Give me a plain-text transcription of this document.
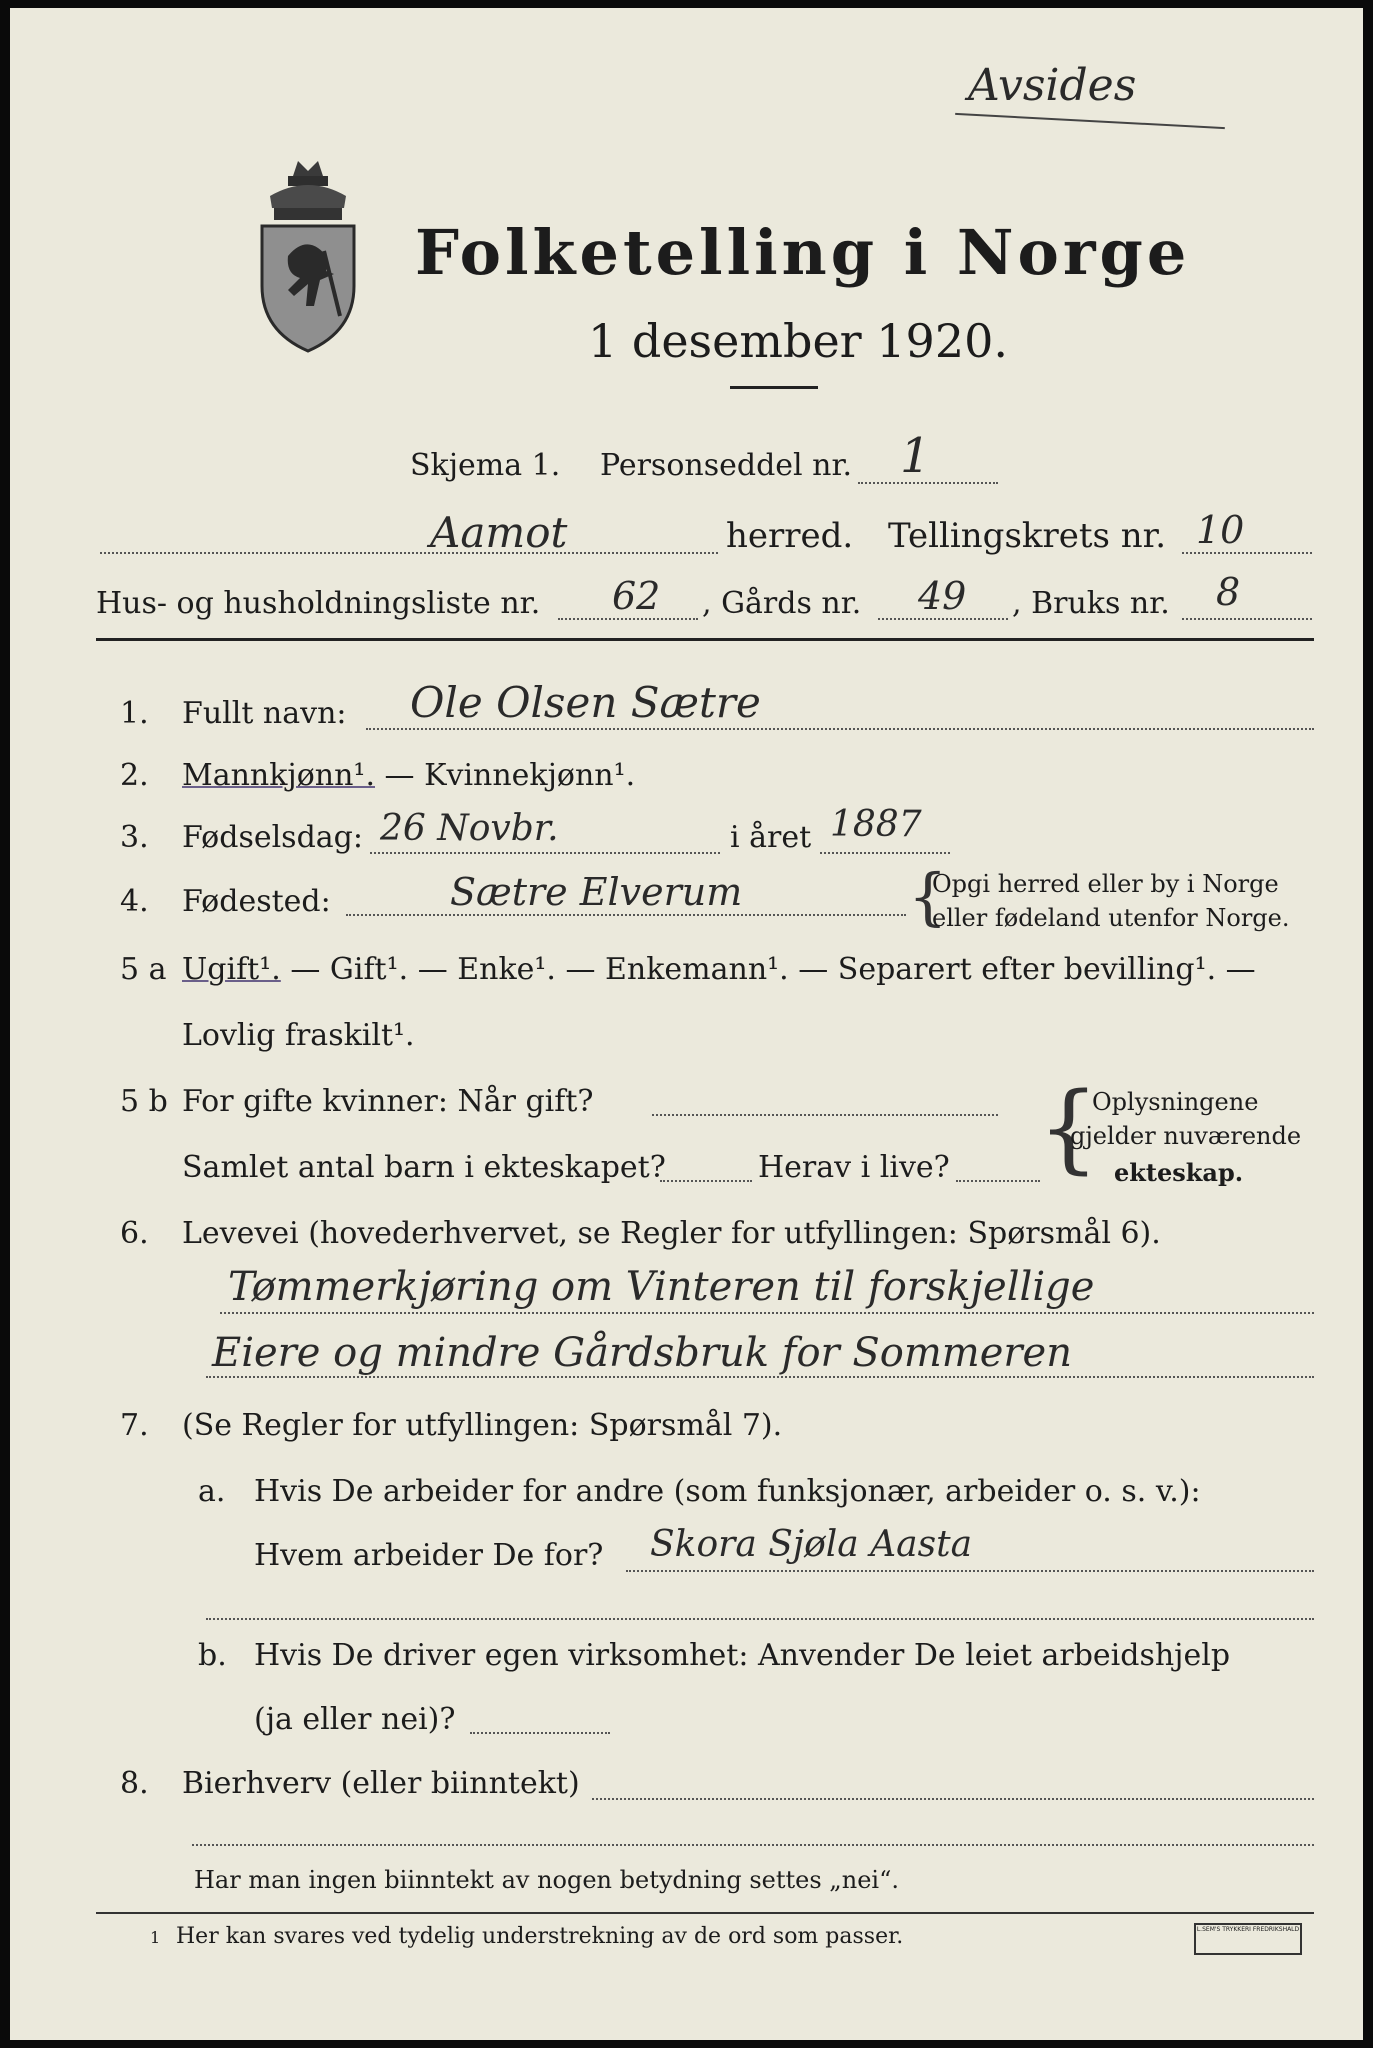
Avsides
Folketelling i Norge
1 desember 1920.
Skjema 1. Personseddel nr. 1
Aamot	herred. Tellingskrets nr. 10
Hus- og husholdningsliste nr. 62 , Gårds nr. 49 , Bruks nr. 8
1. Fullt navn: Ole Olsen Sætre
2. Mannkjønn¹. — Kvinnekjønn¹.
3. Fødselsdag: 26 Novbr.	i året 1887
4. Fødested:	Sætre Elverum	{
Opgi herred eller by i Norge
eller fødeland utenfor Norge.
5 a Ugift¹. — Gift¹. — Enke¹. — Enkemann¹. — Separert efter bevilling¹. —
Lovlig fraskilt¹.
5 b For gifte kvinner: Når gift?
Samlet antal barn i ekteskapet?	Herav i live? {
Oplysningene
gjelder nuværende
ekteskap.
6. Levevei (hovederhvervet, se Regler for utfyllingen: Spørsmål 6).
Tømmerkjøring om Vinteren til forskjellige
Eiere og mindre Gårdsbruk for Sommeren
7. (Se Regler for utfyllingen: Spørsmål 7).
a. Hvis De arbeider for andre (som funksjonær, arbeider o. s. v.):
Hvem arbeider De for? Skora Sjøla Aasta
b. Hvis De driver egen virksomhet: Anvender De leiet arbeidshjelp
(ja eller nei)?
8. Bierhverv (eller biinntekt)
Har man ingen biinntekt av nogen betydning settes „nei“.
1 Her kan svares ved tydelig understrekning av de ord som passer.	L.SEM'S TRYKKERI FREDRIKSHALD
